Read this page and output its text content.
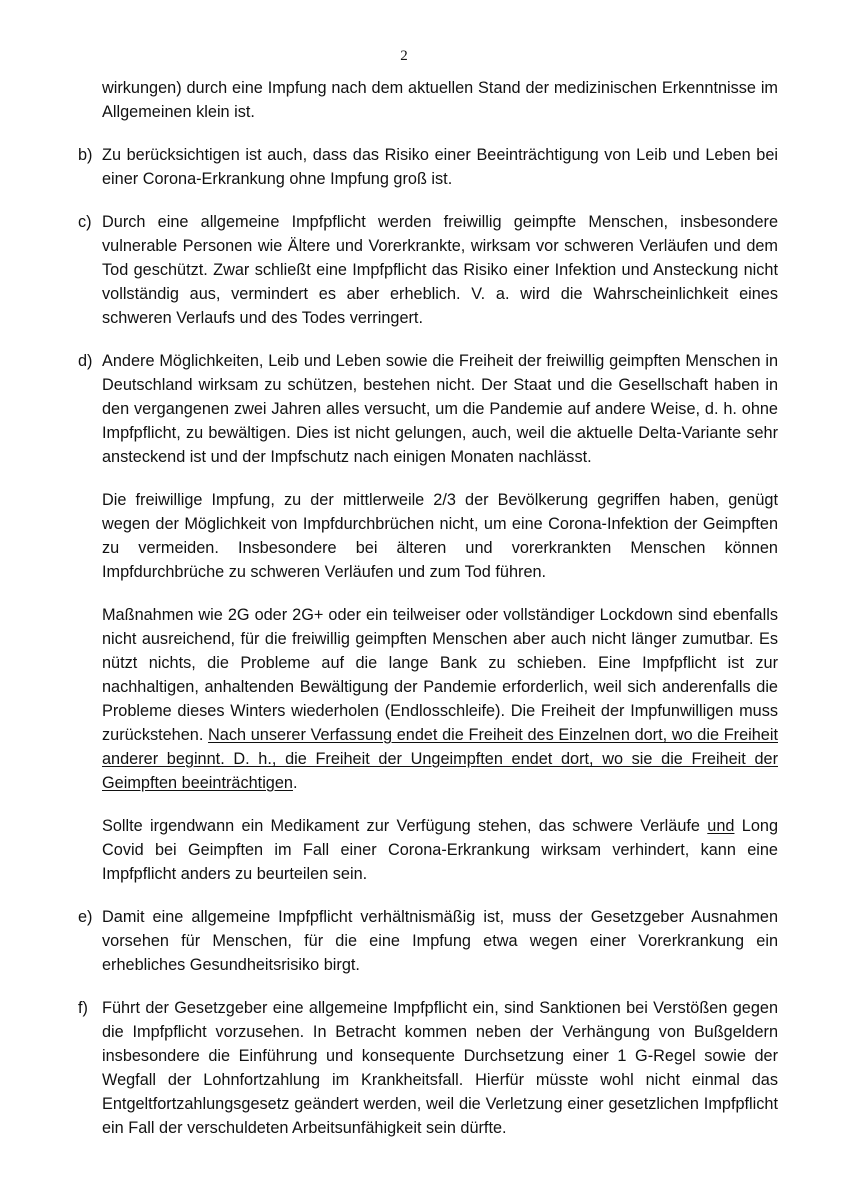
2

wirkungen) durch eine Impfung nach dem aktuellen Stand der medizinischen Erkenntnisse im Allgemeinen klein ist.

b) Zu berücksichtigen ist auch, dass das Risiko einer Beeinträchtigung von Leib und Leben bei einer Corona-Erkrankung ohne Impfung groß ist.
c) Durch eine allgemeine Impfpflicht werden freiwillig geimpfte Menschen, insbesondere vulnerable Personen wie Ältere und Vorerkrankte, wirksam vor schweren Verläufen und dem Tod geschützt. Zwar schließt eine Impfpflicht das Risiko einer Infektion und Ansteckung nicht vollständig aus, vermindert es aber erheblich. V. a. wird die Wahrscheinlichkeit eines schweren Verlaufs und des Todes verringert.
d) Andere Möglichkeiten, Leib und Leben sowie die Freiheit der freiwillig geimpften Menschen in Deutschland wirksam zu schützen, bestehen nicht. Der Staat und die Gesellschaft haben in den vergangenen zwei Jahren alles versucht, um die Pandemie auf andere Weise, d. h. ohne Impfpflicht, zu bewältigen. Dies ist nicht gelungen, auch, weil die aktuelle Delta-Variante sehr ansteckend ist und der Impfschutz nach einigen Monaten nachlässt.

Die freiwillige Impfung, zu der mittlerweile 2/3 der Bevölkerung gegriffen haben, genügt wegen der Möglichkeit von Impfdurchbrüchen nicht, um eine Corona-Infektion der Geimpften zu vermeiden. Insbesondere bei älteren und vorerkrankten Menschen können Impfdurchbrüche zu schweren Verläufen und zum Tod führen.

Maßnahmen wie 2G oder 2G+ oder ein teilweiser oder vollständiger Lockdown sind ebenfalls nicht ausreichend, für die freiwillig geimpften Menschen aber auch nicht länger zumutbar. Es nützt nichts, die Probleme auf die lange Bank zu schieben. Eine Impfpflicht ist zur nachhaltigen, anhaltenden Bewältigung der Pandemie erforderlich, weil sich anderenfalls die Probleme dieses Winters wiederholen (Endlosschleife). Die Freiheit der Impfunwilligen muss zurückstehen. Nach unserer Verfassung endet die Freiheit des Einzelnen dort, wo die Freiheit anderer beginnt. D. h., die Freiheit der Ungeimpften endet dort, wo sie die Freiheit der Geimpften beeinträchtigen.

Sollte irgendwann ein Medikament zur Verfügung stehen, das schwere Verläufe und Long Covid bei Geimpften im Fall einer Corona-Erkrankung wirksam verhindert, kann eine Impfpflicht anders zu beurteilen sein.

e) Damit eine allgemeine Impfpflicht verhältnismäßig ist, muss der Gesetzgeber Ausnahmen vorsehen für Menschen, für die eine Impfung etwa wegen einer Vorerkrankung ein erhebliches Gesundheitsrisiko birgt.
f) Führt der Gesetzgeber eine allgemeine Impfpflicht ein, sind Sanktionen bei Verstößen gegen die Impfpflicht vorzusehen. In Betracht kommen neben der Verhängung von Bußgeldern insbesondere die Einführung und konsequente Durchsetzung einer 1 G-Regel sowie der Wegfall der Lohnfortzahlung im Krankheitsfall. Hierfür müsste wohl nicht einmal das Entgeltfortzahlungsgesetz geändert werden, weil die Verletzung einer gesetzlichen Impfpflicht ein Fall der verschuldeten Arbeitsunfähigkeit sein dürfte.
